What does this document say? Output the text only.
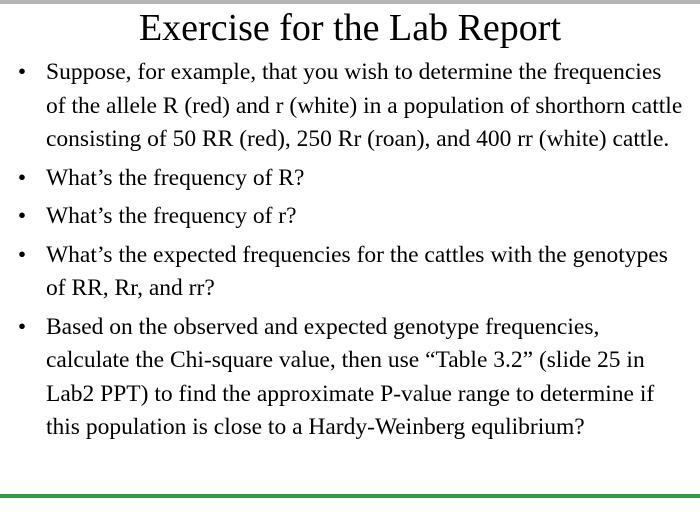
Exercise for the Lab Report
• Suppose, for example, that you wish to determine the frequencies of the allele R (red) and r (white) in a population of shorthorn cattle consisting of 50 RR (red), 250 Rr (roan), and 400 rr (white) cattle.
• What’s the frequency of R?
• What’s the frequency of r?
• What’s the expected frequencies for the cattles with the genotypes of RR, Rr, and rr?
• Based on the observed and expected genotype frequencies, calculate the Chi-square value, then use “Table 3.2” (slide 25 in Lab2 PPT) to find the approximate P-value range to determine if this population is close to a Hardy-Weinberg equlibrium?
